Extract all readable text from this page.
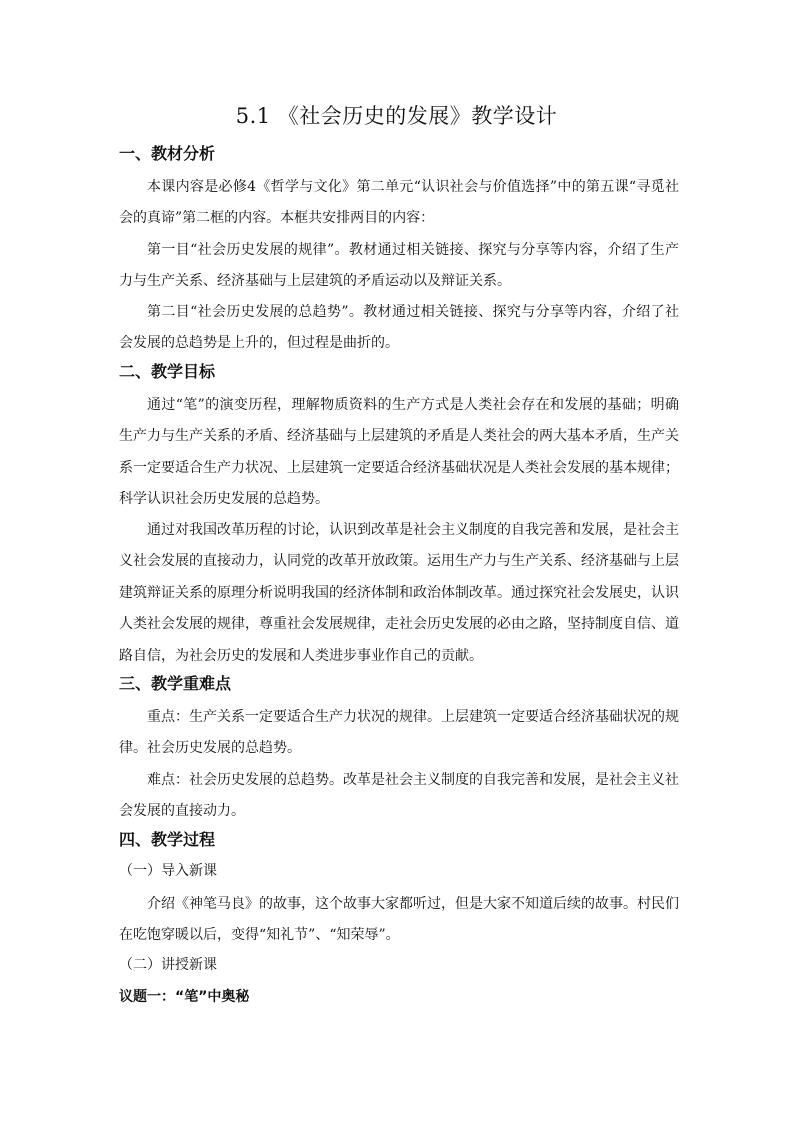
5.1 《社会历史的发展》教学设计
一、教材分析

本课内容是必修4《哲学与文化》第二单元“认识社会与价值选择”中的第五课“寻觅社会的真谛”第二框的内容。本框共安排两目的内容：

第一目“社会历史发展的规律”。教材通过相关链接、探究与分享等内容，介绍了生产力与生产关系、经济基础与上层建筑的矛盾运动以及辩证关系。

第二目“社会历史发展的总趋势”。教材通过相关链接、探究与分享等内容，介绍了社会发展的总趋势是上升的，但过程是曲折的。

二、教学目标

通过“笔”的演变历程，理解物质资料的生产方式是人类社会存在和发展的基础；明确生产力与生产关系的矛盾、经济基础与上层建筑的矛盾是人类社会的两大基本矛盾，生产关系一定要适合生产力状况、上层建筑一定要适合经济基础状况是人类社会发展的基本规律；科学认识社会历史发展的总趋势。

通过对我国改革历程的讨论，认识到改革是社会主义制度的自我完善和发展，是社会主义社会发展的直接动力，认同党的改革开放政策。运用生产力与生产关系、经济基础与上层建筑辩证关系的原理分析说明我国的经济体制和政治体制改革。通过探究社会发展史，认识人类社会发展的规律，尊重社会发展规律，走社会历史发展的必由之路，坚持制度自信、道路自信，为社会历史的发展和人类进步事业作自己的贡献。

三、教学重难点

重点：生产关系一定要适合生产力状况的规律。上层建筑一定要适合经济基础状况的规律。社会历史发展的总趋势。

难点：社会历史发展的总趋势。改革是社会主义制度的自我完善和发展，是社会主义社会发展的直接动力。

四、教学过程
（一）导入新课

介绍《神笔马良》的故事，这个故事大家都听过，但是大家不知道后续的故事。村民们在吃饱穿暖以后，变得“知礼节”、“知荣辱”。

（二）讲授新课
议题一：“笔”中奥秘
